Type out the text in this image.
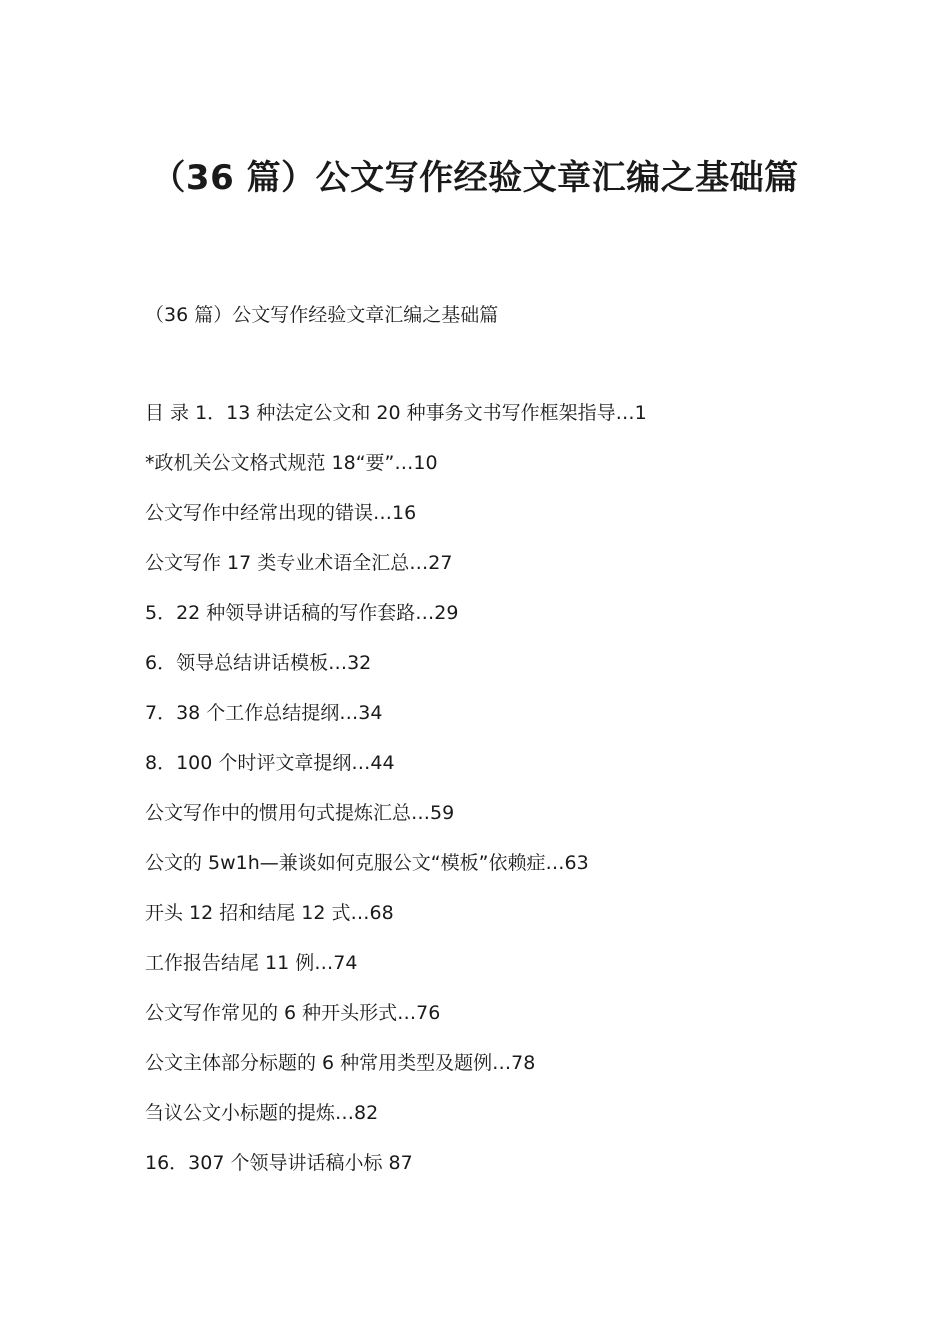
（36 篇）公文写作经验文章汇编之基础篇

（36 篇）公文写作经验文章汇编之基础篇

目 录 1．13 种法定公文和 20 种事务文书写作框架指导…1
*政机关公文格式规范 18“要”…10
公文写作中经常出现的错误…16
公文写作 17 类专业术语全汇总…27
5．22 种领导讲话稿的写作套路…29
6．领导总结讲话模板…32
7．38 个工作总结提纲…34
8．100 个时评文章提纲…44
公文写作中的惯用句式提炼汇总…59
公文的 5w1h—兼谈如何克服公文“模板”依赖症…63
开头 12 招和结尾 12 式…68
工作报告结尾 11 例…74
公文写作常见的 6 种开头形式…76
公文主体部分标题的 6 种常用类型及题例…78
刍议公文小标题的提炼…82
16．307 个领导讲话稿小标 87
